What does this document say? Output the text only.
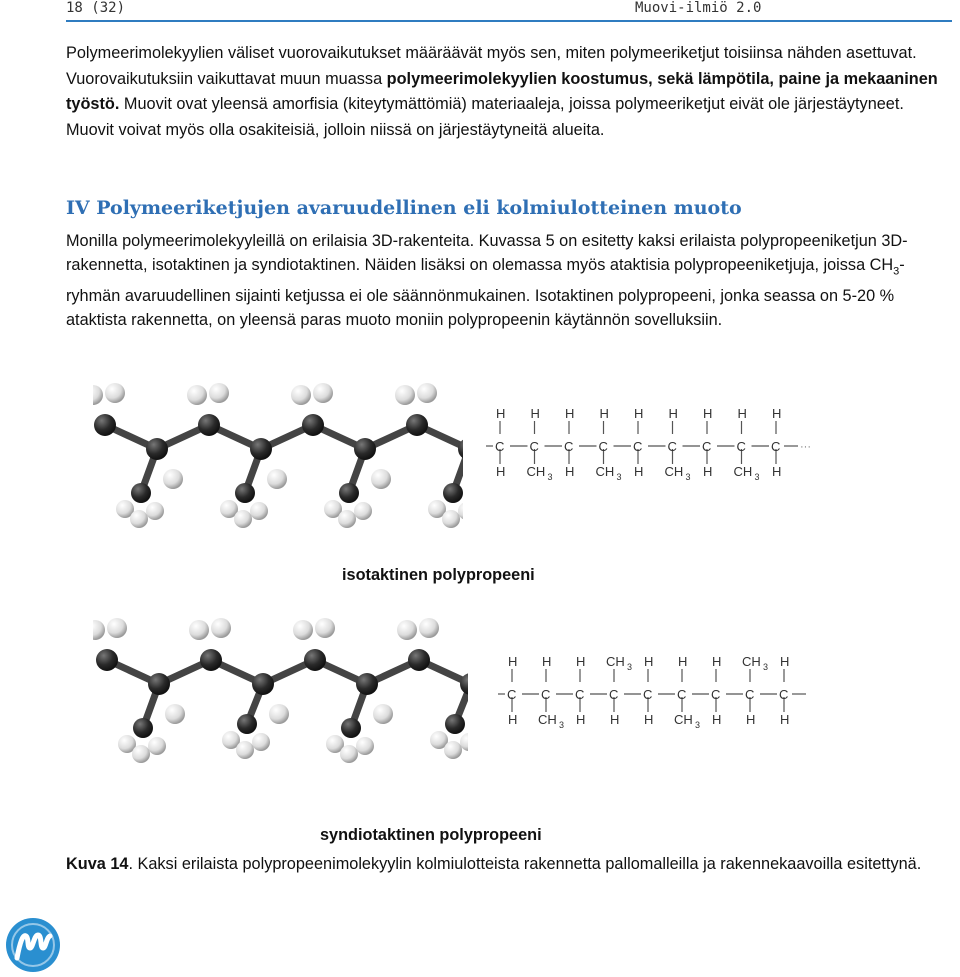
18 (32)	Muovi-ilmiö 2.0

Polymeerimolekyylien väliset vuorovaikutukset määräävät myös sen, miten polymeeriketjut toisiinsa nähden asettuvat. Vuorovaikutuksiin vaikuttavat muun muassa polymeerimolekyylien koostumus, sekä lämpötila, paine ja mekaaninen työstö. Muovit ovat yleensä amorfisia (kiteytymättömiä) materiaaleja, joissa polymeeriketjut eivät ole järjestäytyneet. Muovit voivat myös olla osakiteisiä, jolloin niissä on järjestäytyneitä alueita.

IV Polymeeriketjujen avaruudellinen eli kolmiulotteinen muoto

Monilla polymeerimolekyyleillä on erilaisia 3D-rakenteita. Kuvassa 5 on esitetty kaksi erilaista polypropeeniketjun 3D-rakennetta, isotaktinen ja syndiotaktinen. Näiden lisäksi on olemassa myös ataktisia polypropeeniketjuja, joissa $CH_3$-ryhmän avaruudellinen sijainti ketjussa ei ole säännönmukainen. Isotaktinen polypropeeni, jonka seassa on 5-20 % ataktista rakennetta, on yleensä paras muoto moniin polypropeenin käytännön sovelluksiin.

H
H
C
H
CH 3
C
H
H
C
H
CH 3
C
H
H
C
H
CH 3
C
H
H
C
H
CH 3
C
H
H
C ···
isotaktinen polypropeeni
H
H
C
H
CH 3
C
H
H
C
CH 3
H
C
H
H
C
H
CH 3
C
H
H
C
CH 3
H
C
H
H
C
syndiotaktinen polypropeeni

Kuva 14. Kaksi erilaista polypropeenimolekyylin kolmiulotteista rakennetta pallomalleilla ja rakennekaavoilla esitettynä.
